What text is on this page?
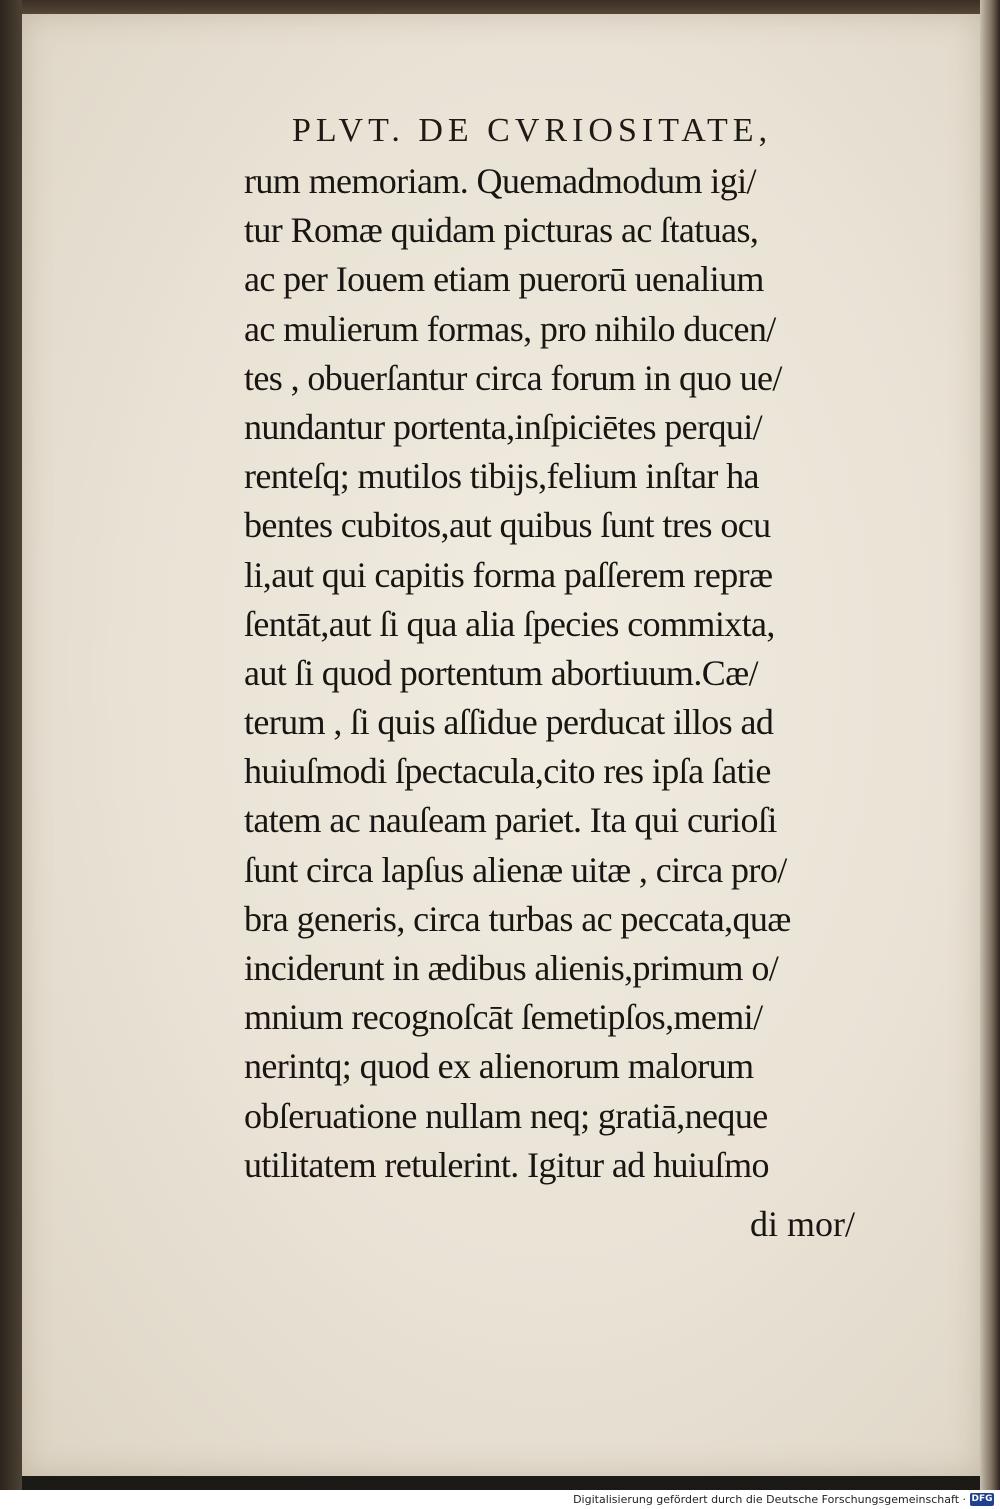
PLVT. DE CVRIOSITATE,
rum memoriam. Quemadmodum igi/
tur Romæ quidam picturas ac ſtatuas,
ac per Iouem etiam puerorū uenalium
ac mulierum formas, pro nihilo ducen/
tes , obuerſantur circa forum in quo ue/
nundantur portenta,inſpiciētes perqui/
renteſq; mutilos tibijs,felium inſtar ha
bentes cubitos,aut quibus ſunt tres ocu
li,aut qui capitis forma paſſerem repræ
ſentāt,aut ſi qua alia ſpecies commixta,
aut ſi quod portentum abortiuum.Cæ/
terum , ſi quis aſſidue perducat illos ad
huiuſmodi ſpectacula,cito res ipſa ſatie
tatem ac nauſeam pariet. Ita qui curioſi
ſunt circa lapſus alienæ uitæ , circa pro/
bra generis, circa turbas ac peccata,quæ
inciderunt in ædibus alienis,primum o/
mnium recognoſcāt ſemetipſos,memi/
nerintq; quod ex alienorum malorum
obſeruatione nullam neq; gratiā,neque
utilitatem retulerint. Igitur ad huiuſmo
di mor/
Digitalisierung gefördert durch die Deutsche Forschungsgemeinschaft · DFG
